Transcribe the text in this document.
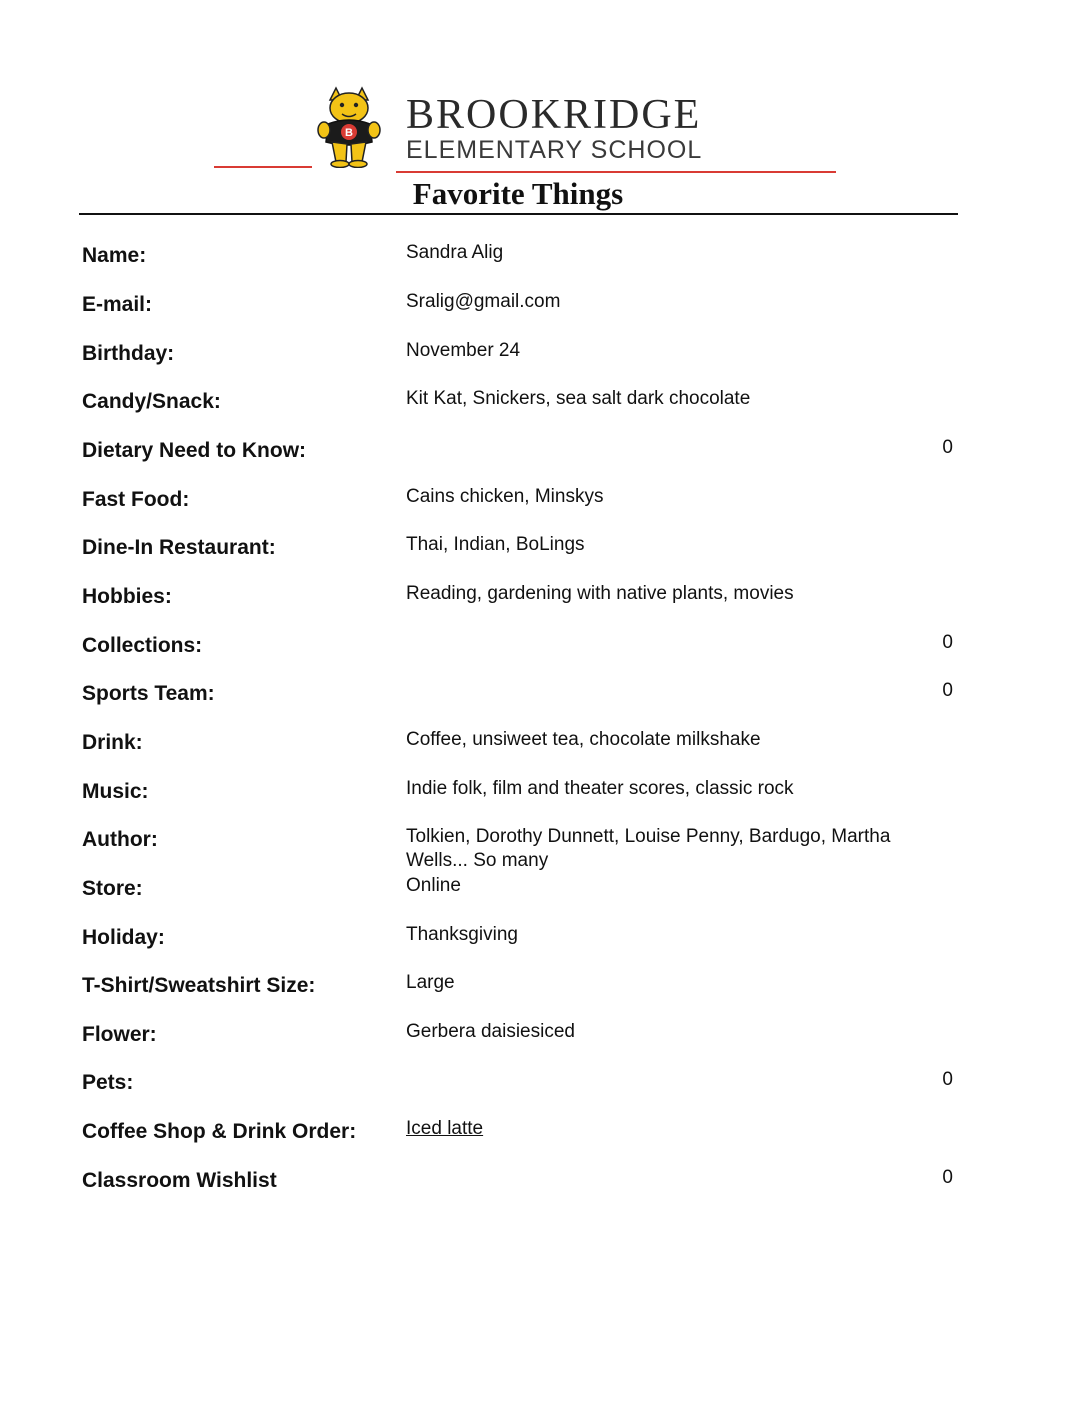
B BROOKRIDGE
ELEMENTARY SCHOOL
Favorite Things
Name:	Sandra Alig
E-mail:	Sralig@gmail.com
Birthday:	November 24
Candy/Snack:	Kit Kat, Snickers, sea salt dark chocolate
Dietary Need to Know:	0
Fast Food:	Cains chicken, Minskys
Dine-In Restaurant:	Thai, Indian, BoLings
Hobbies:	Reading, gardening with native plants, movies
Collections:	0
Sports Team:	0
Drink:	Coffee, unsiweet tea, chocolate milkshake
Music:	Indie folk, film and theater scores, classic rock
Author:	Tolkien, Dorothy Dunnett, Louise Penny, Bardugo, Martha Wells... So many
Store:	Online
Holiday:	Thanksgiving
T-Shirt/Sweatshirt Size:	Large
Flower:	Gerbera daisiesiced
Pets:	0
Coffee Shop & Drink Order:	Iced latte
Classroom Wishlist	0
